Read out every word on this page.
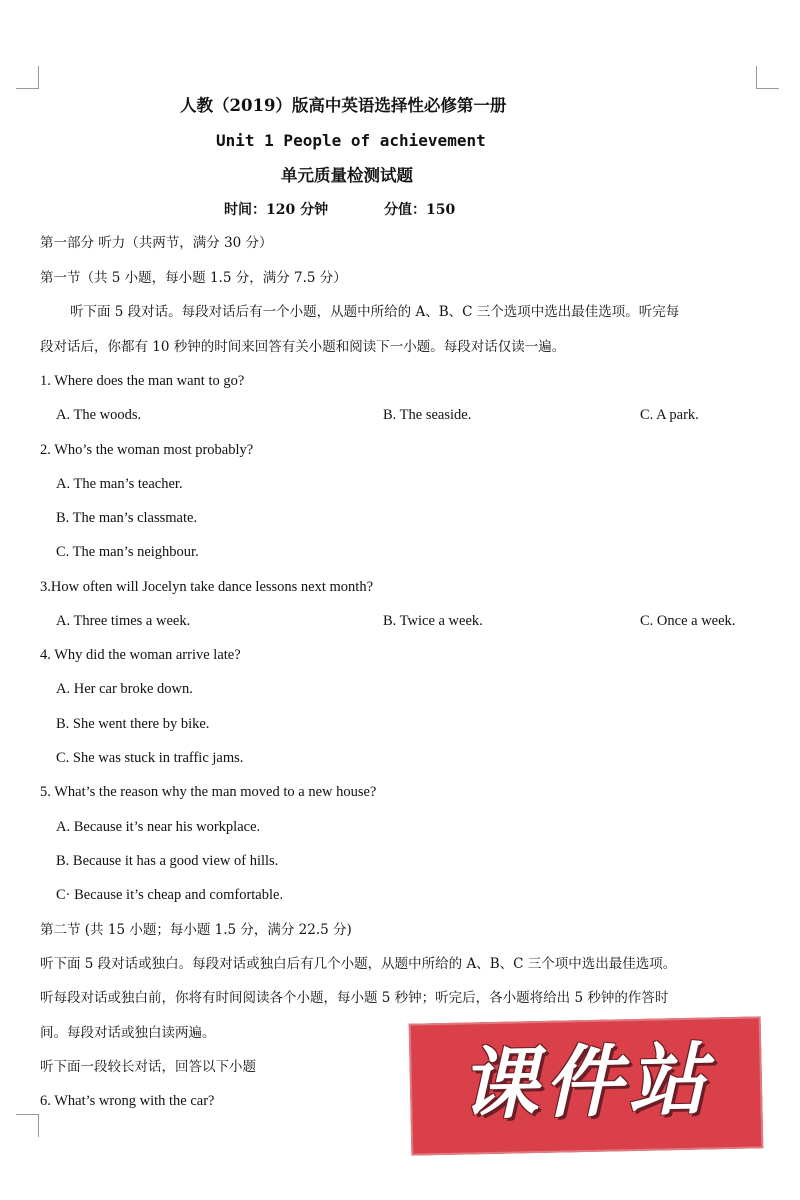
人教（2019）版高中英语选择性必修第一册
Unit 1 People of achievement
单元质量检测试题
时间：120 分钟	分值：150
第一部分 听力（共两节，满分 30 分）
第一节（共 5 小题，每小题 1.5 分，满分 7.5 分）
听下面 5 段对话。每段对话后有一个小题，从题中所给的 A、B、C 三个选项中选出最佳选项。听完每
段对话后，你都有 10 秒钟的时间来回答有关小题和阅读下一小题。每段对话仅读一遍。
1. Where does the man want to go?
A. The woods.	B. The seaside.	C. A park.
2. Who’s the woman most probably?
A. The man’s teacher.
B. The man’s classmate.
C. The man’s neighbour.
3.How often will Jocelyn take dance lessons next month?
A. Three times a week.	B. Twice a week.	C. Once a week.
4. Why did the woman arrive late?
A. Her car broke down.
B. She went there by bike.
C. She was stuck in traffic jams.
5. What’s the reason why the man moved to a new house?
A. Because it’s near his workplace.
B. Because it has a good view of hills.
C· Because it’s cheap and comfortable.
第二节 (共 15 小题；每小题 1.5 分，满分 22.5 分)
听下面 5 段对话或独白。每段对话或独白后有几个小题，从题中所给的 A、B、C 三个项中选出最佳选项。
听每段对话或独白前，你将有时间阅读各个小题，每小题 5 秒钟；听完后，各小题将给出 5 秒钟的作答时
间。每段对话或独白读两遍。
听下面一段较长对话，回答以下小题
6. What’s wrong with the car?	课件站
